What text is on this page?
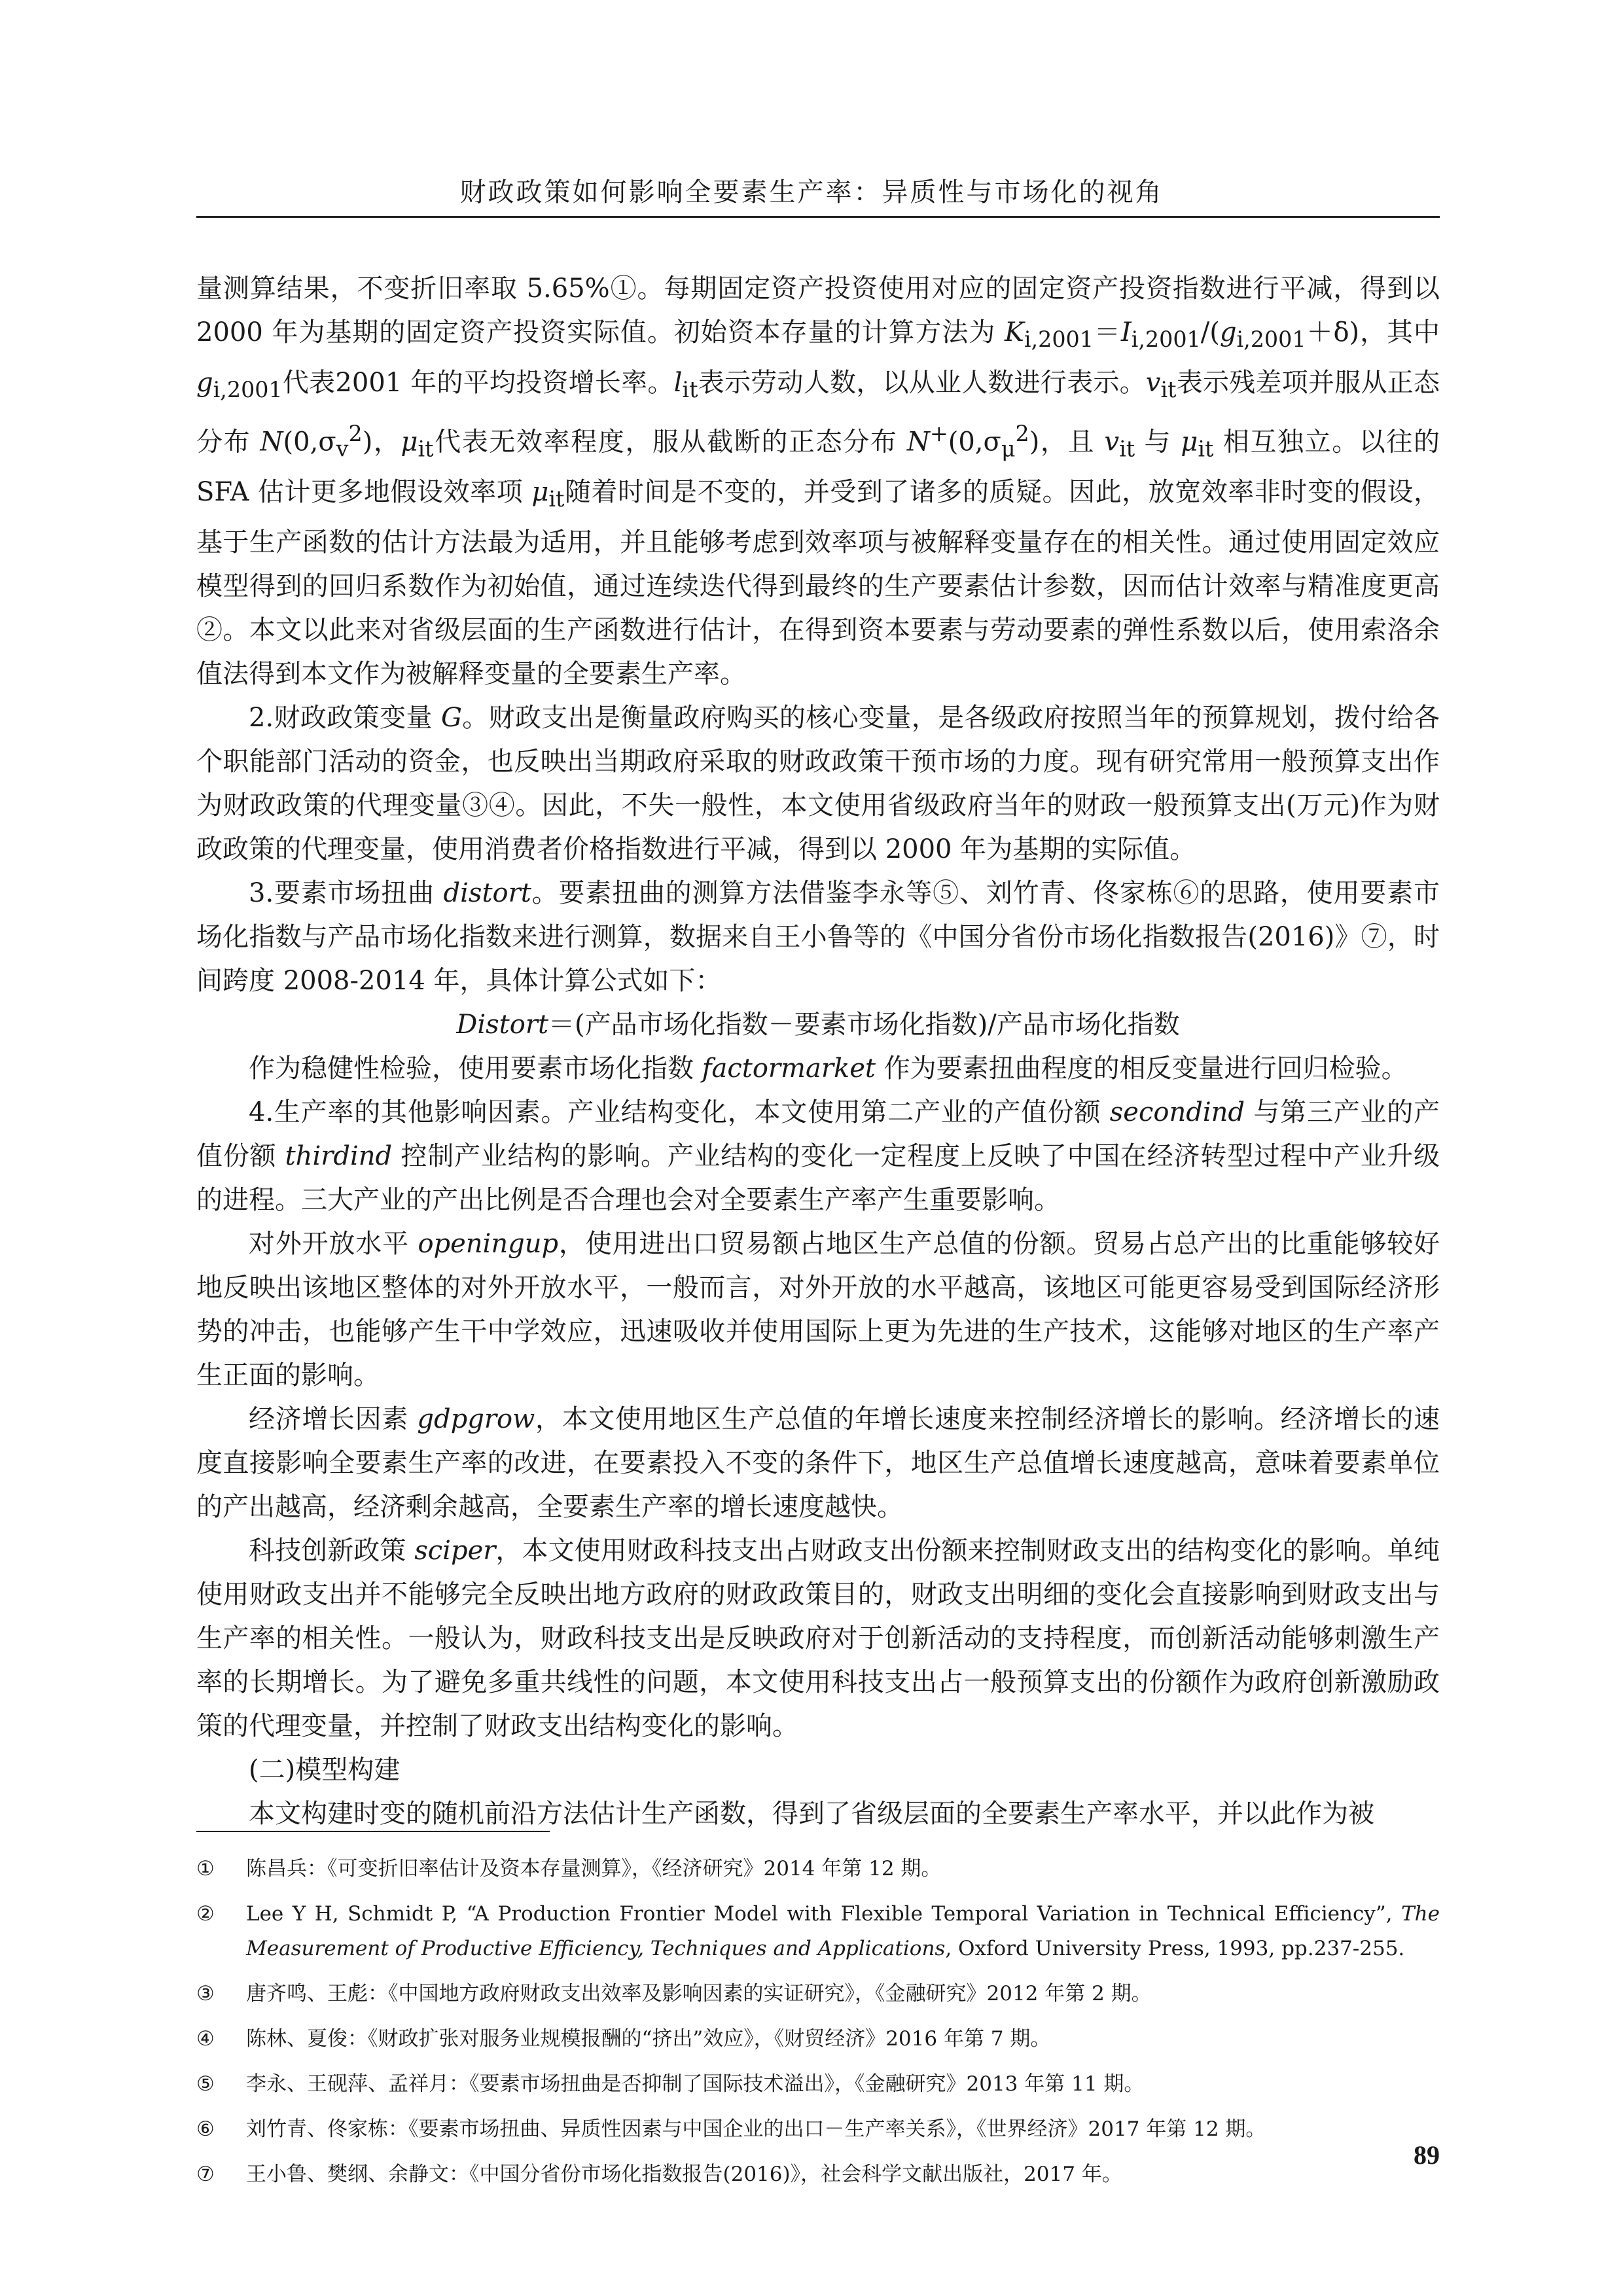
财政政策如何影响全要素生产率：异质性与市场化的视角

量测算结果，不变折旧率取 5.65%①。每期固定资产投资使用对应的固定资产投资指数进行平减，得到以 2000 年为基期的固定资产投资实际值。初始资本存量的计算方法为 $K_{i,2001}=I_{i,2001}/(g_{i,2001}+\delta)$，其中 $g_{i,2001}$代表2001 年的平均投资增长率。$l_{it}$表示劳动人数，以从业人数进行表示。$v_{it}$表示残差项并服从正态分布 $N(0,\sigma_v^2)$，$\mu_{it}$代表无效率程度，服从截断的正态分布 $N^+(0,\sigma_\mu^2)$，且 $v_{it}$ 与 $\mu_{it}$ 相互独立。以往的 SFA 估计更多地假设效率项 $\mu_{it}$随着时间是不变的，并受到了诸多的质疑。因此，放宽效率非时变的假设，基于生产函数的估计方法最为适用，并且能够考虑到效率项与被解释变量存在的相关性。通过使用固定效应模型得到的回归系数作为初始值，通过连续迭代得到最终的生产要素估计参数，因而估计效率与精准度更高②。本文以此来对省级层面的生产函数进行估计，在得到资本要素与劳动要素的弹性系数以后，使用索洛余值法得到本文作为被解释变量的全要素生产率。

2.财政政策变量 G。财政支出是衡量政府购买的核心变量，是各级政府按照当年的预算规划，拨付给各个职能部门活动的资金，也反映出当期政府采取的财政政策干预市场的力度。现有研究常用一般预算支出作为财政政策的代理变量③④。因此，不失一般性，本文使用省级政府当年的财政一般预算支出(万元)作为财政政策的代理变量，使用消费者价格指数进行平减，得到以 2000 年为基期的实际值。

3.要素市场扭曲 distort。要素扭曲的测算方法借鉴李永等⑤、刘竹青、佟家栋⑥的思路，使用要素市场化指数与产品市场化指数来进行测算，数据来自王小鲁等的《中国分省份市场化指数报告(2016)》⑦，时间跨度 2008-2014 年，具体计算公式如下：

Distort＝(产品市场化指数－要素市场化指数)/产品市场化指数

作为稳健性检验，使用要素市场化指数 factormarket 作为要素扭曲程度的相反变量进行回归检验。

4.生产率的其他影响因素。产业结构变化，本文使用第二产业的产值份额 secondind 与第三产业的产值份额 thirdind 控制产业结构的影响。产业结构的变化一定程度上反映了中国在经济转型过程中产业升级的进程。三大产业的产出比例是否合理也会对全要素生产率产生重要影响。

对外开放水平 openingup，使用进出口贸易额占地区生产总值的份额。贸易占总产出的比重能够较好地反映出该地区整体的对外开放水平，一般而言，对外开放的水平越高，该地区可能更容易受到国际经济形势的冲击，也能够产生干中学效应，迅速吸收并使用国际上更为先进的生产技术，这能够对地区的生产率产生正面的影响。

经济增长因素 gdpgrow，本文使用地区生产总值的年增长速度来控制经济增长的影响。经济增长的速度直接影响全要素生产率的改进，在要素投入不变的条件下，地区生产总值增长速度越高，意味着要素单位的产出越高，经济剩余越高，全要素生产率的增长速度越快。

科技创新政策 sciper，本文使用财政科技支出占财政支出份额来控制财政支出的结构变化的影响。单纯使用财政支出并不能够完全反映出地方政府的财政政策目的，财政支出明细的变化会直接影响到财政支出与生产率的相关性。一般认为，财政科技支出是反映政府对于创新活动的支持程度，而创新活动能够刺激生产率的长期增长。为了避免多重共线性的问题，本文使用科技支出占一般预算支出的份额作为政府创新激励政策的代理变量，并控制了财政支出结构变化的影响。

(二)模型构建

本文构建时变的随机前沿方法估计生产函数，得到了省级层面的全要素生产率水平，并以此作为被

①	陈昌兵：《可变折旧率估计及资本存量测算》，《经济研究》2014 年第 12 期。
②	Lee Y H, Schmidt P, “A Production Frontier Model with Flexible Temporal Variation in Technical Efficiency”, The Measurement of Productive Efficiency, Techniques and Applications, Oxford University Press, 1993, pp.237-255.
③	唐齐鸣、王彪：《中国地方政府财政支出效率及影响因素的实证研究》，《金融研究》2012 年第 2 期。
④	陈林、夏俊：《财政扩张对服务业规模报酬的“挤出”效应》，《财贸经济》2016 年第 7 期。
⑤	李永、王砚萍、孟祥月：《要素市场扭曲是否抑制了国际技术溢出》，《金融研究》2013 年第 11 期。
⑥	刘竹青、佟家栋：《要素市场扭曲、异质性因素与中国企业的出口－生产率关系》，《世界经济》2017 年第 12 期。
⑦	王小鲁、樊纲、余静文：《中国分省份市场化指数报告(2016)》，社会科学文献出版社，2017 年。
89
